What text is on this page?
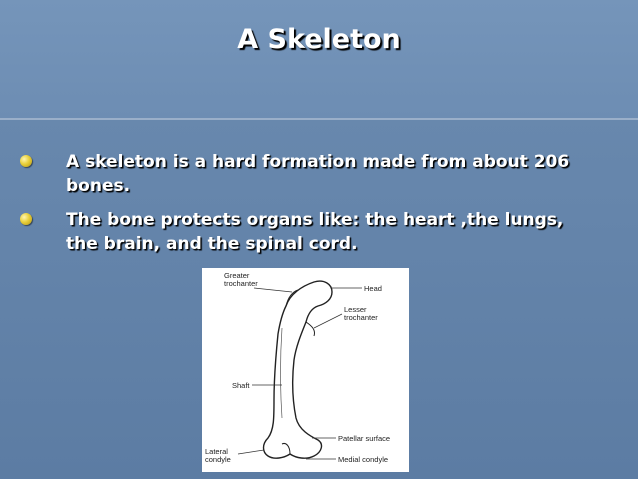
A Skeleton
A skeleton is a hard formation made from about 206 bones.
The bone protects organs like: the heart ,the lungs, the brain, and the spinal cord.
Greater
trochanter
Head
Lesser
trochanter
Shaft
Patellar surface
Lateral
condyle	Medial condyle
